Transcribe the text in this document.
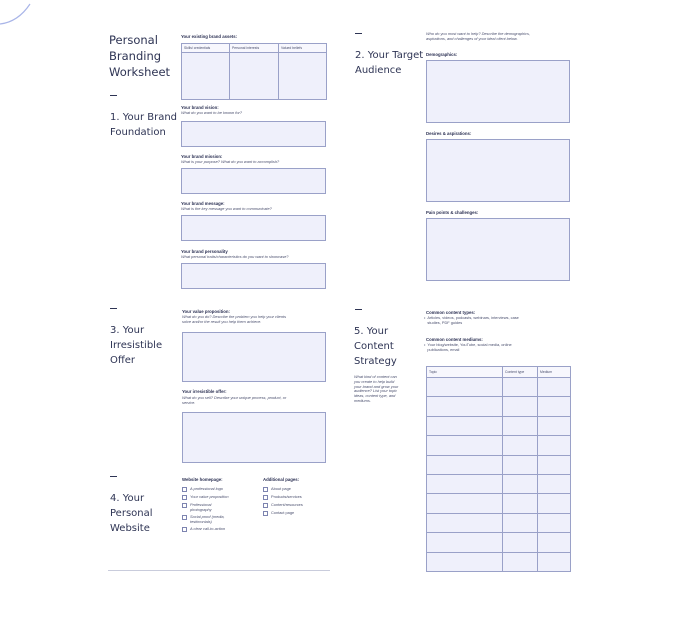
Personal
Branding
Worksheet
1. Your Brand
Foundation
Your existing brand assets:
Skills/ credentials	Personal interests	Valued beliefs

Your brand vision:
What do you want to be known for?
Your brand mission:
What is your purpose? What do you want to accomplish?
Your brand message:
What is the key message you want to communicate?
Your brand personality
What personal traits/characteristics do you want to showcase?
2. Your Target
Audience
Who do you most want to help? Describe the demographics,
aspirations, and challenges of your ideal client below.
Demographics:
Desires & aspirations:
Pain points & challenges:
3. Your
Irresistible
Offer
Your value proposition:
What do you do? Describe the problem you help your clients
solve and/or the result you help them achieve.
Your irresistible offer:
What do you sell? Describe your unique process, product, or
service.
4. Your
Personal
Website
Website homepage:
A professional logo
Your value proposition
Professional
photography
Social proof (media,
testimonials)
A clear call-to-action
Additional pages:
About page
Products/services
Content/resources
Contact page
5. Your
Content
Strategy
What kind of content can
you create to help build
your brand and grow your
audience? List your topic
ideas, content type, and
mediums.
Common content types:
• Articles, videos, podcasts, webinars, interviews, case
studies, PDF guides
Common content mediums:
• Your blog/website, YouTube, social media, online
publications, email
Topic	Content type	Medium
